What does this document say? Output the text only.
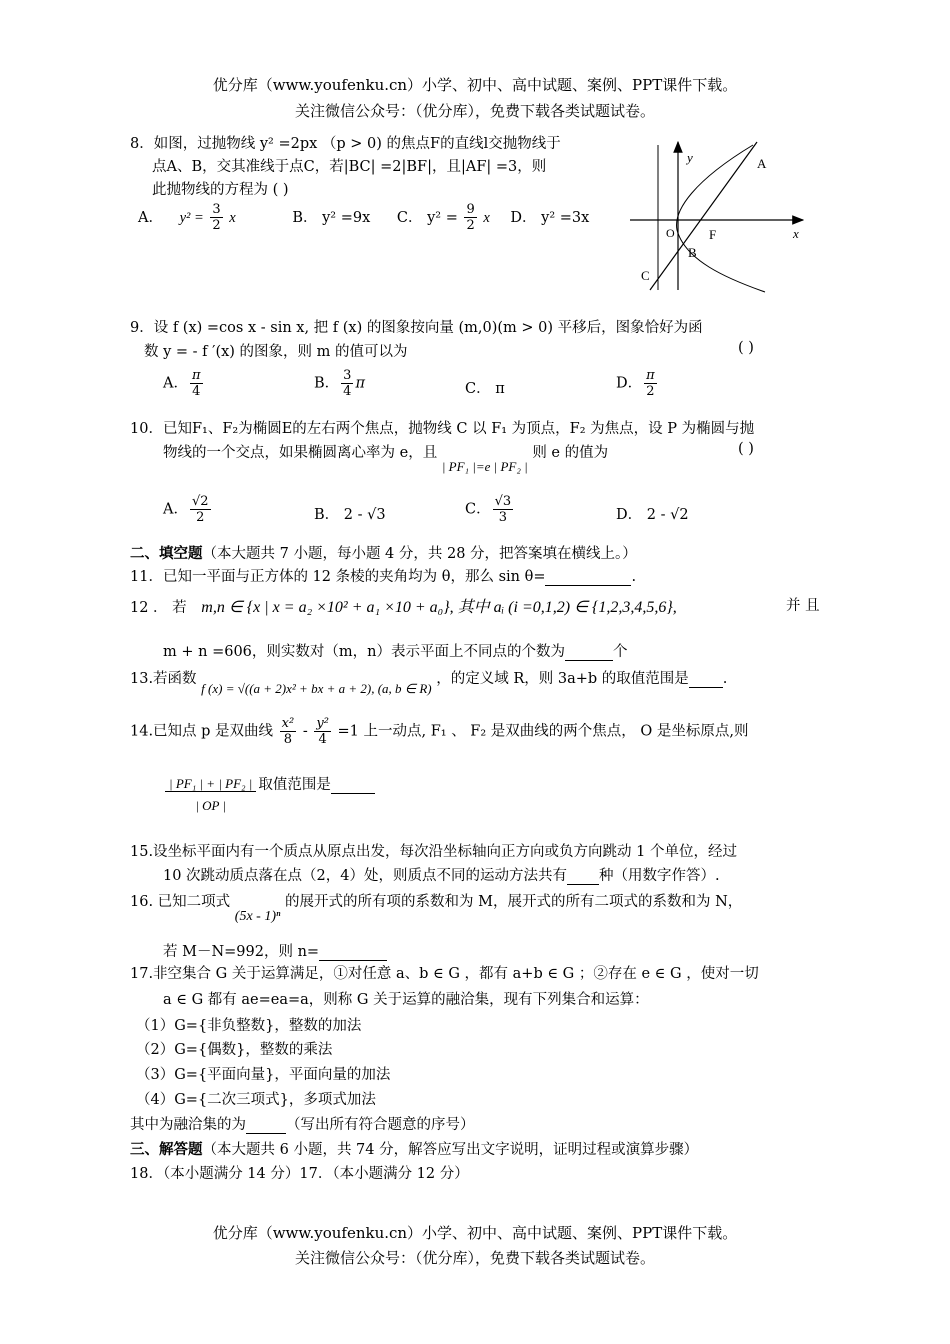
优分库（www.youfenku.cn）小学、初中、高中试题、案例、PPT课件下载。
关注微信公众号：（优分库），免费下载各类试题试卷。
8．如图，过抛物线 y² =2px （p > 0) 的焦点F的直线l交抛物线于
点A、B，交其准线于点C，若|BC| =2|BF|，且|AF| =3，则
此抛物线的方程为 ( )
A． $y^2 = \frac{3}{2}$ x	B． y² =9x C． $y^2 = \frac{9}{2}$ x D． y² =3x
y
x
A
B
C
O	F
9．设 f (x) =cos x - sin x, 把 f (x) 的图象按向量 (m,0)(m > 0) 平移后，图象恰好为函
数 y = - f ′(x) 的图象，则 m 的值可以为	( )
A． $\frac{\pi}{4}$	B． $\frac{3}{4}$ π	C． π	D． $\frac{\pi}{2}$
10．已知F₁、F₂为椭圆E的左右两个焦点，抛物线 C 以 F₁ 为顶点，F₂ 为焦点，设 P 为椭圆与抛
物线的一个交点，如果椭圆离心率为 e，且 | PF₁ |=e | PF₂ | 则 e 的值为	( )
A． $\frac{√2}{2}$	B． 2 - √3	C． $\frac{√3}{3}$	D． 2 - √2
二、填空题（本大题共 7 小题，每小题 4 分，共 28 分，把答案填在横线上。）
11．已知一平面与正方体的 12 条棱的夹角均为 θ，那么 sin θ=	.
12 ． 若 m,n ∈ {x | x = a₂ ×10² + a₁ ×10 + a₀}, 其中 aᵢ (i =0,1,2) ∈ {1,2,3,4,5,6},	并 且
m + n =606，则实数对（m，n）表示平面上不同点的个数为	个
13.若函数 f (x) = √((a + 2)x² + bx + a + 2), (a, b ∈ R) ，的定义域 R，则 3a+b 的取值范围是 .
14.已知点 p 是双曲线 $\frac{\text{x²}}{8} - \frac{\text{y²}}{4} =1$ 上一动点, F₁ 、 F₂ 是双曲线的两个焦点， O 是坐标原点,则
$\frac{\text{| PF₁ | + | PF₂ |}}{| OP |}$ 取值范围是
15.设坐标平面内有一个质点从原点出发，每次沿坐标轴向正方向或负方向跳动 1 个单位，经过
10 次跳动质点落在点（2，4）处，则质点不同的运动方法共有 种（用数字作答）.
16. 已知二项式 (5x - 1)ⁿ 的展开式的所有项的系数和为 M，展开式的所有二项式的系数和为 N，
若 M－N=992，则 n=
17.非空集合 G 关于运算满足，①对任意 a、b ∈ G ，都有 a+b ∈ G ；②存在 e ∈ G ，使对一切
a ∈ G 都有 ae=ea=a，则称 G 关于运算的融洽集，现有下列集合和运算：
（1）G={非负整数}，整数的加法
（2）G={偶数}，整数的乘法
（3）G={平面向量}，平面向量的加法
（4）G={二次三项式}，多项式加法
其中为融洽集的为	（写出所有符合题意的序号）
三、解答题（本大题共 6 小题，共 74 分，解答应写出文字说明，证明过程或演算步骤）
18．（本小题满分 14 分）17．（本小题满分 12 分）
优分库（www.youfenku.cn）小学、初中、高中试题、案例、PPT课件下载。
关注微信公众号：（优分库），免费下载各类试题试卷。
